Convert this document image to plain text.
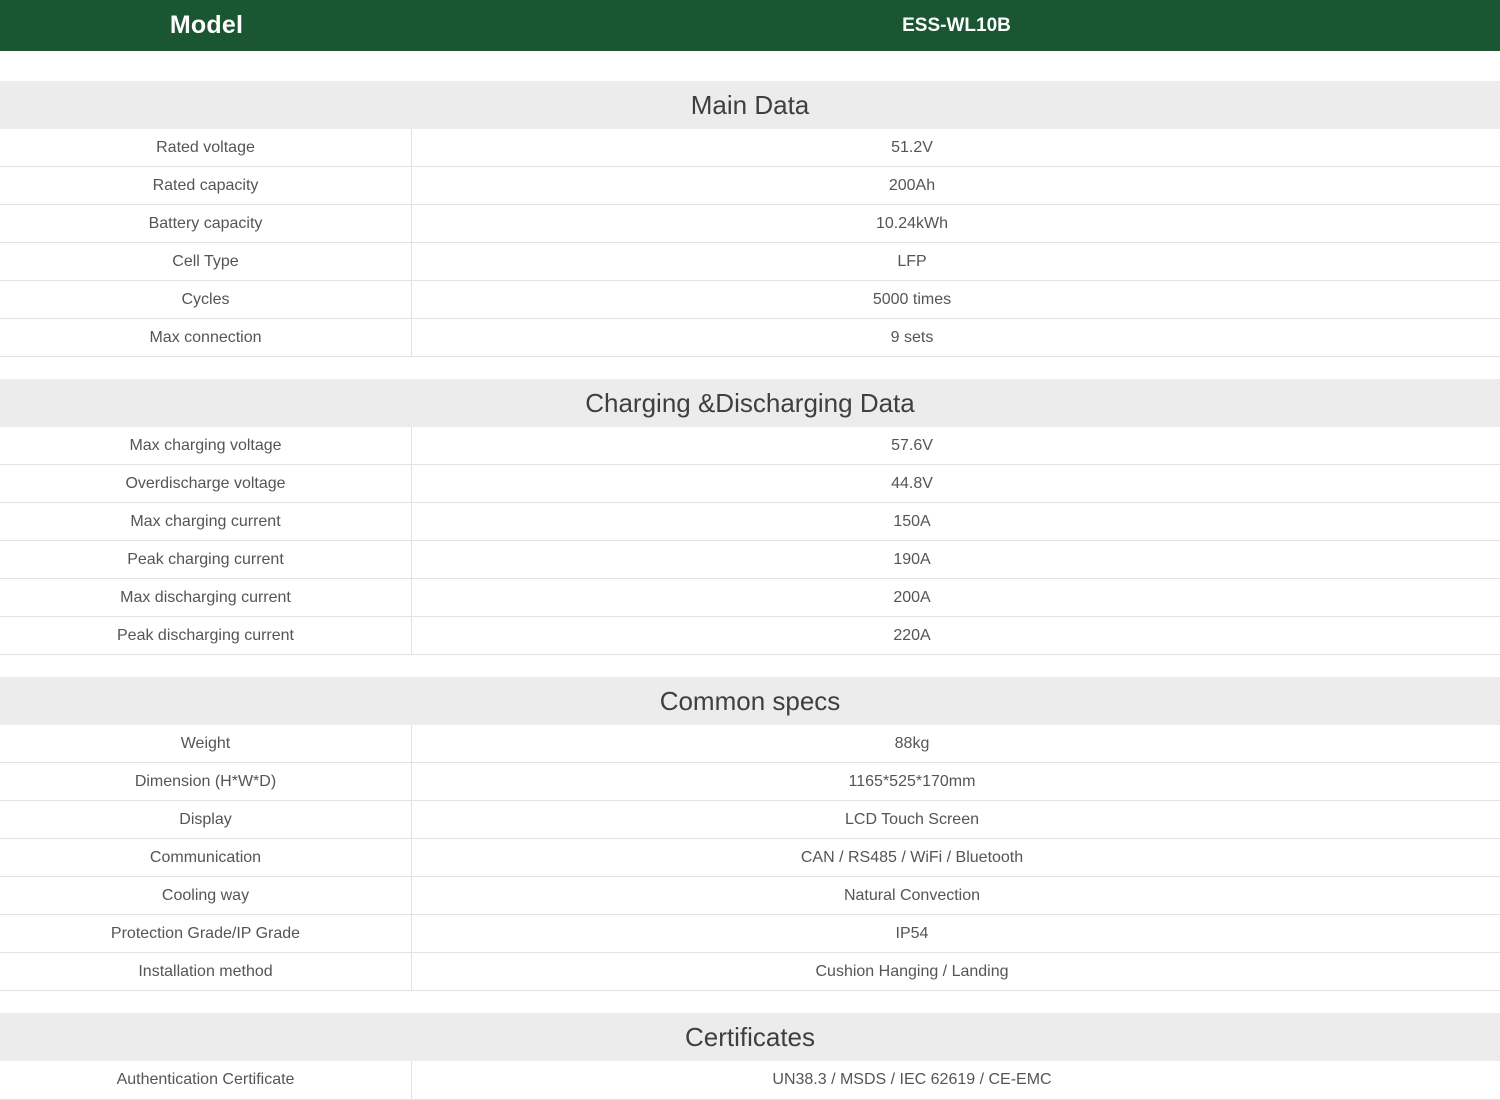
Model	ESS-WL10B
Main Data
Rated voltage	51.2V
Rated capacity	200Ah
Battery capacity	10.24kWh
Cell Type	LFP
Cycles	5000 times
Max connection	9 sets
Charging &Discharging Data
Max charging voltage	57.6V
Overdischarge voltage	44.8V
Max charging current	150A
Peak charging current	190A
Max discharging current	200A
Peak discharging current	220A
Common specs
Weight	88kg
Dimension (H*W*D)	1165*525*170mm
Display	LCD Touch Screen
Communication	CAN / RS485 / WiFi / Bluetooth
Cooling way	Natural Convection
Protection Grade/IP Grade	IP54
Installation method	Cushion Hanging / Landing
Certificates
Authentication Certificate	UN38.3 / MSDS / IEC 62619 / CE-EMC
